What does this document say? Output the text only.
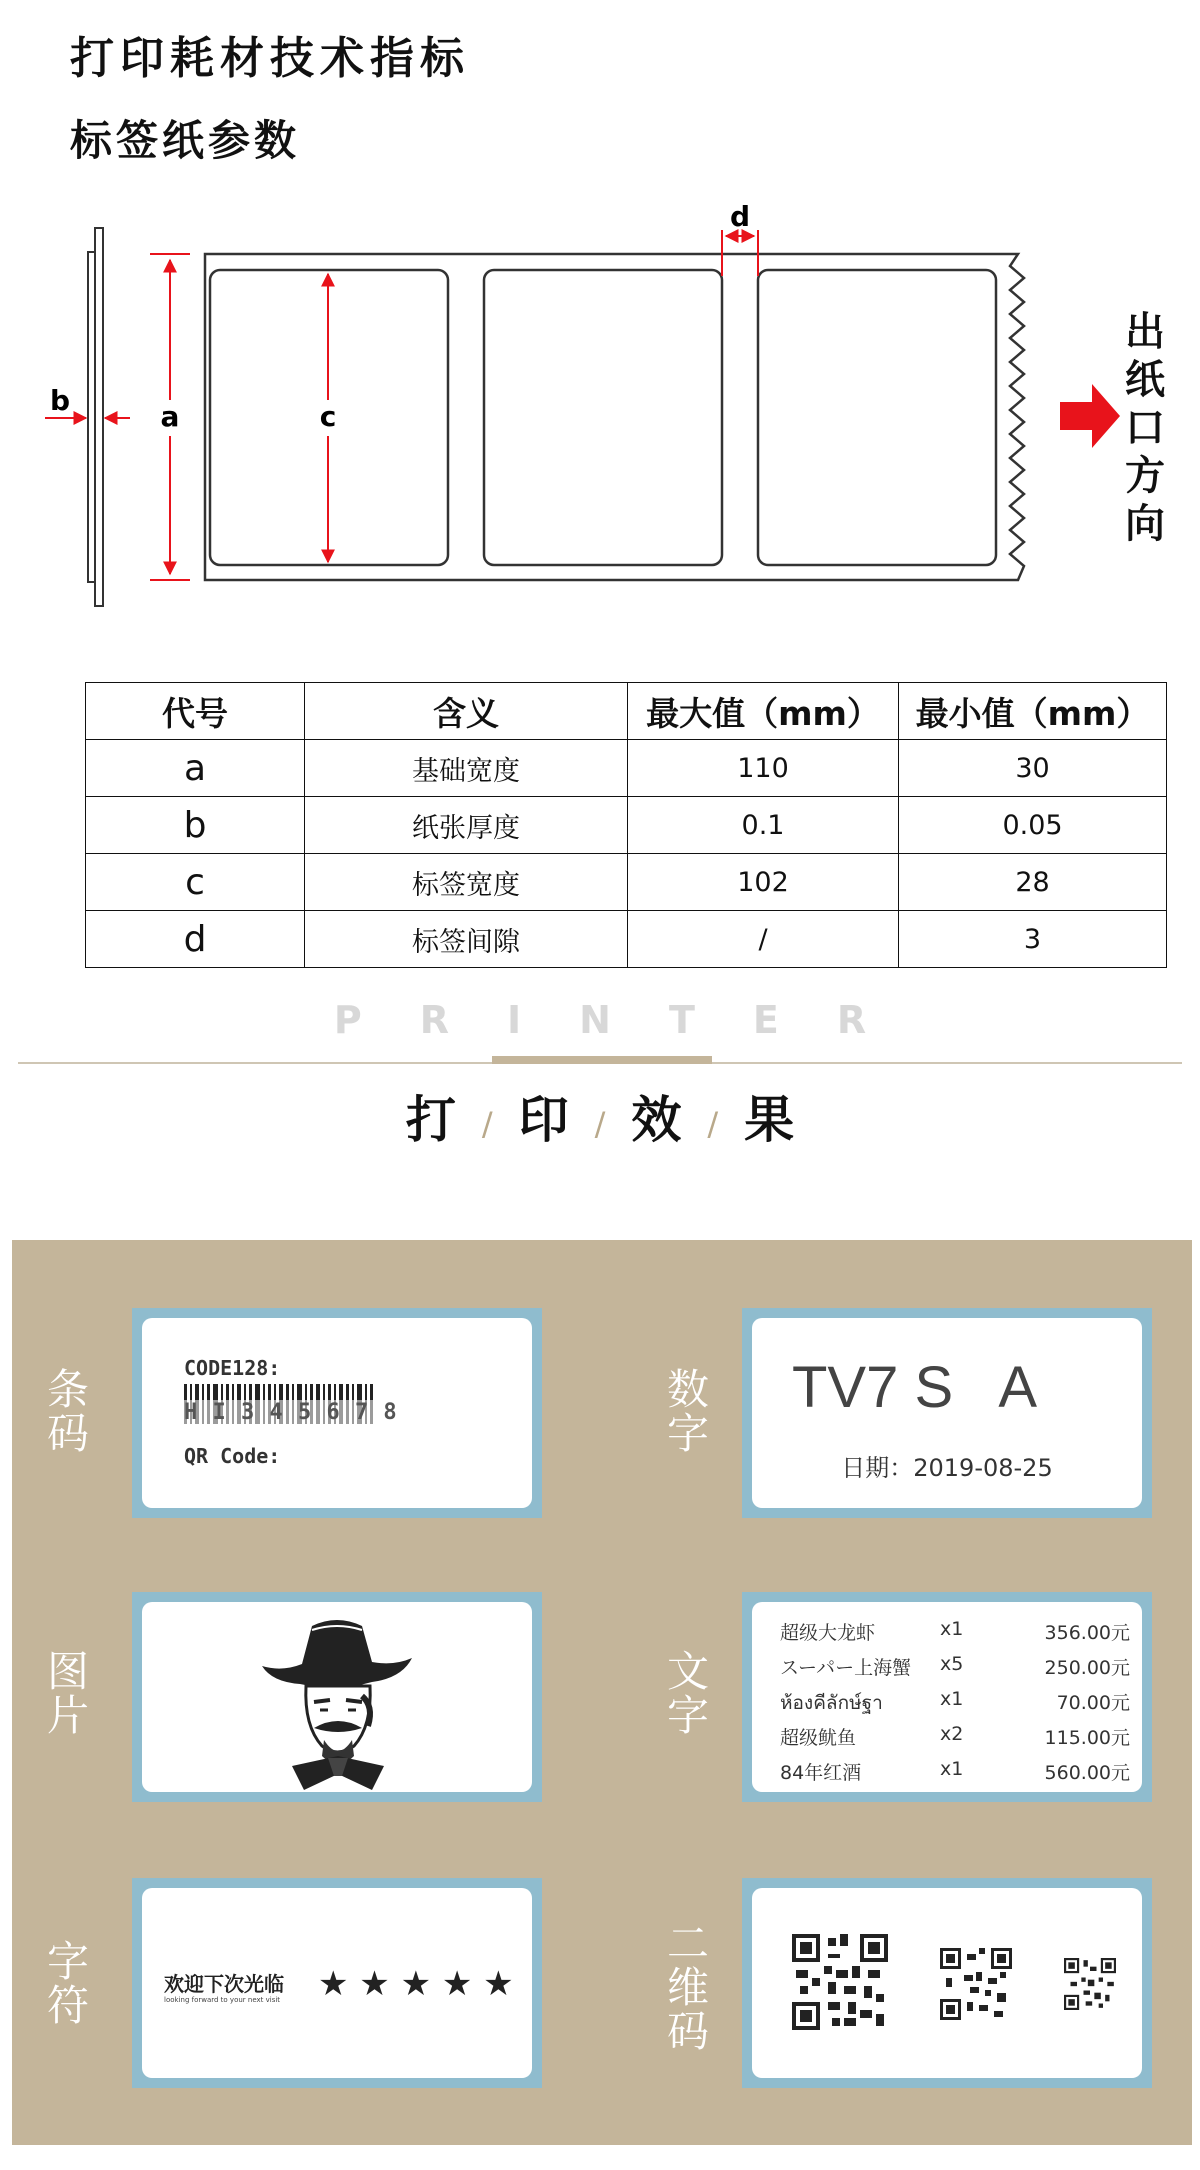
打印耗材技术指标
标签纸参数
b	a	c
d
出
纸
口
方
向
代号	含义	最大值（mm）	最小值（mm）
a	基础宽度	110	30
b	纸张厚度	0.1	0.05
c	标签宽度	102	28
d	标签间隙	/	3
PRINTER
打 / 印 / 效 / 果
条
码
CODE128:
H I 3 4 5 6 7 8
QR Code:
数
字
TV7 S   A
日期：2019-08-25
图
片
文
字
超级大龙虾	x1	356.00元
スーパー上海蟹	x5	250.00元
ห้องคีลักษ์ฐา	x1	70.00元
超级鱿鱼	x2	115.00元
84年红酒	x1	560.00元
字
符	欢迎下次光临
looking forward to your next visit ★ ★ ★ ★ ★
二
维
码
